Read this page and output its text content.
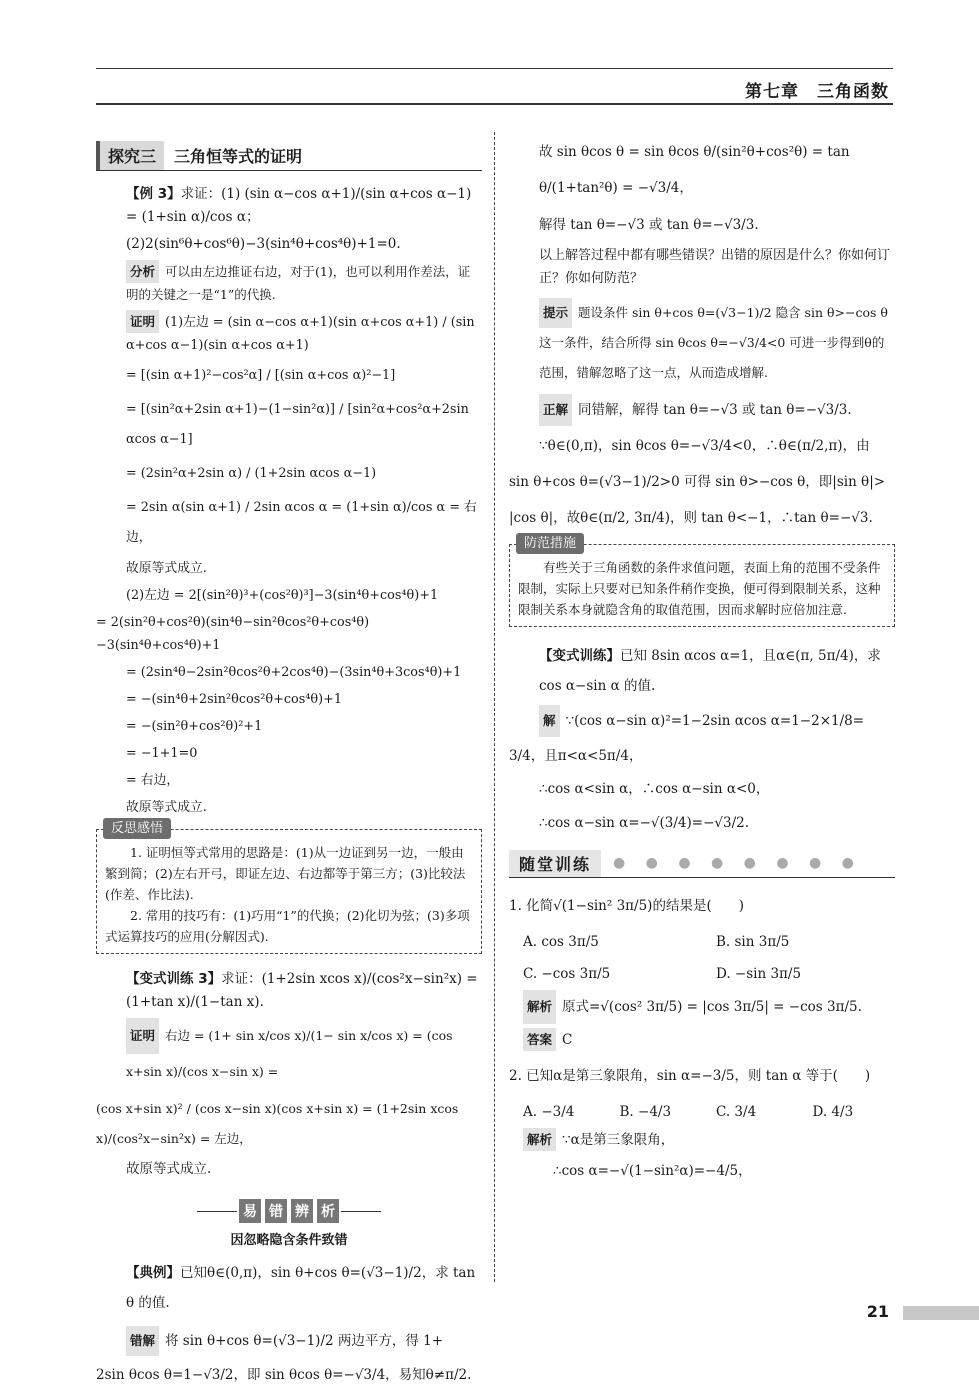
第七章　三角函数
探究三	三角恒等式的证明

【例 3】求证：(1) (sin α−cos α+1)/(sin α+cos α−1) = (1+sin α)/cos α；

(2)2(sin⁶θ+cos⁶θ)−3(sin⁴θ+cos⁴θ)+1=0.

分析 可以由左边推证右边，对于(1)，也可以利用作差法，证明的关键之一是“1”的代换.

证明 (1)左边 = (sin α−cos α+1)(sin α+cos α+1) / (sin α+cos α−1)(sin α+cos α+1)

= [(sin α+1)²−cos²α] / [(sin α+cos α)²−1]

= [(sin²α+2sin α+1)−(1−sin²α)] / [sin²α+cos²α+2sin αcos α−1]

= (2sin²α+2sin α) / (1+2sin αcos α−1)

= 2sin α(sin α+1) / 2sin αcos α = (1+sin α)/cos α = 右边，

故原等式成立.

(2)左边 = 2[(sin²θ)³+(cos²θ)³]−3(sin⁴θ+cos⁴θ)+1

= 2(sin²θ+cos²θ)(sin⁴θ−sin²θcos²θ+cos⁴θ)−3(sin⁴θ+cos⁴θ)+1

= (2sin⁴θ−2sin²θcos²θ+2cos⁴θ)−(3sin⁴θ+3cos⁴θ)+1

= −(sin⁴θ+2sin²θcos²θ+cos⁴θ)+1

= −(sin²θ+cos²θ)²+1

= −1+1=0

= 右边，

故原等式成立.

反思感悟

1. 证明恒等式常用的思路是：(1)从一边证到另一边，一般由繁到简；(2)左右开弓，即证左边、右边都等于第三方；(3)比较法(作差、作比法).

2. 常用的技巧有：(1)巧用“1”的代换；(2)化切为弦；(3)多项式运算技巧的应用(分解因式).

【变式训练 3】求证：(1+2sin xcos x)/(cos²x−sin²x) = (1+tan x)/(1−tan x).

证明 右边 = (1+ sin x/cos x)/(1− sin x/cos x) = (cos x+sin x)/(cos x−sin x) =

(cos x+sin x)² / (cos x−sin x)(cos x+sin x) = (1+2sin xcos x)/(cos²x−sin²x) = 左边，

故原等式成立.

易 错 辨 析
因忽略隐含条件致错

【典例】已知θ∈(0,π)，sin θ+cos θ=(√3−1)/2，求 tan θ 的值.

错解 将 sin θ+cos θ=(√3−1)/2 两边平方，得 1+

2sin θcos θ=1−√3/2，即 sin θcos θ=−√3/4，易知θ≠π/2.

故 sin θcos θ = sin θcos θ/(sin²θ+cos²θ) = tan θ/(1+tan²θ) = −√3/4，

解得 tan θ=−√3 或 tan θ=−√3/3.

以上解答过程中都有哪些错误？出错的原因是什么？你如何订正？你如何防范？

提示 题设条件 sin θ+cos θ=(√3−1)/2 隐含 sin θ>−cos θ 这一条件，结合所得 sin θcos θ=−√3/4<0 可进一步得到θ的范围，错解忽略了这一点，从而造成增解.

正解 同错解，解得 tan θ=−√3 或 tan θ=−√3/3.

∵θ∈(0,π)，sin θcos θ=−√3/4<0，∴θ∈(π/2,π)，由

sin θ+cos θ=(√3−1)/2>0 可得 sin θ>−cos θ，即|sin θ|>

|cos θ|，故θ∈(π/2, 3π/4)，则 tan θ<−1，∴tan θ=−√3.

防范措施

有些关于三角函数的条件求值问题，表面上角的范围不受条件限制，实际上只要对已知条件稍作变换，便可得到限制关系，这种限制关系本身就隐含角的取值范围，因而求解时应倍加注意.

【变式训练】已知 8sin αcos α=1，且α∈(π, 5π/4)，求 cos α−sin α 的值.

解 ∵(cos α−sin α)²=1−2sin αcos α=1−2×1/8=

3/4，且π<α<5π/4，

∴cos α<sin α，∴cos α−sin α<0，

∴cos α−sin α=−√(3/4)=−√3/2.

随堂训练	● ● ● ● ● ● ● ●

1. 化简√(1−sin² 3π/5)的结果是(　　)

A. cos 3π/5	B. sin 3π/5
C. −cos 3π/5	D. −sin 3π/5

解析 原式=√(cos² 3π/5) = |cos 3π/5| = −cos 3π/5.

答案 C

2. 已知α是第三象限角，sin α=−3/5，则 tan α 等于(　　)

A. −3/4	B. −4/3	C. 3/4	D. 4/3

解析 ∵α是第三象限角，

∴cos α=−√(1−sin²α)=−4/5，

21
